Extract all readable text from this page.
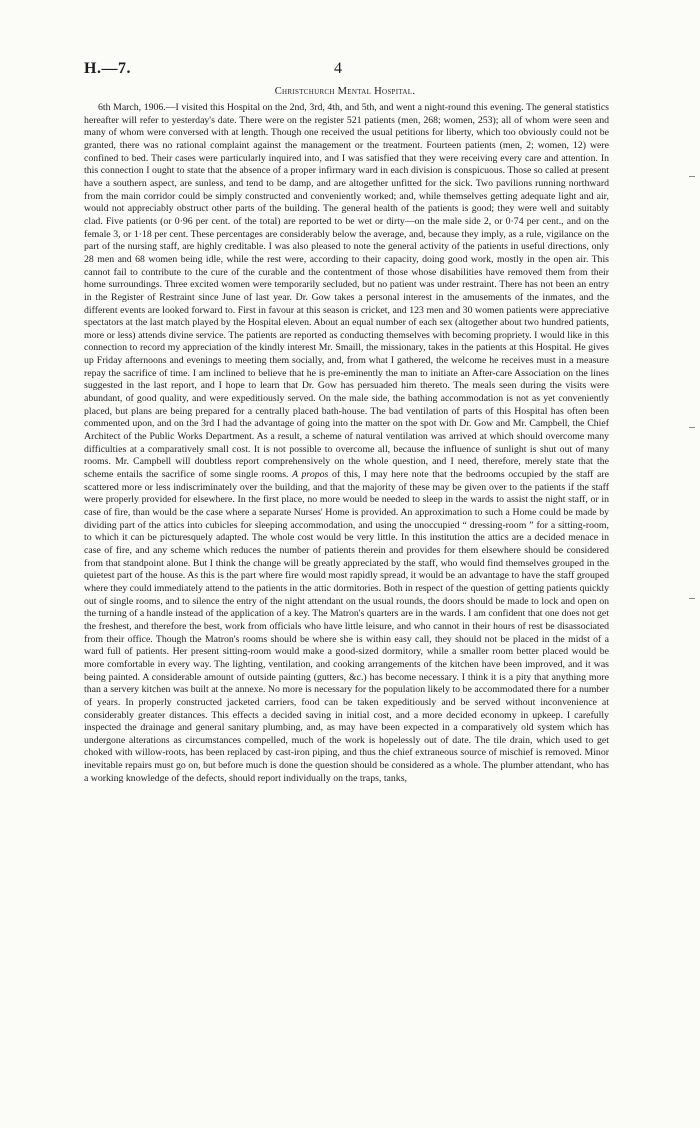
H.—7.	4
Christchurch Mental Hospital.

6th March, 1906.—I visited this Hospital on the 2nd, 3rd, 4th, and 5th, and went a night-round this evening. The general statistics hereafter will refer to yesterday's date. There were on the register 521 patients (men, 268; women, 253); all of whom were seen and many of whom were conversed with at length. Though one received the usual petitions for liberty, which too obviously could not be granted, there was no rational complaint against the management or the treatment. Fourteen patients (men, 2; women, 12) were confined to bed. Their cases were particularly inquired into, and I was satisfied that they were receiving every care and attention. In this connection I ought to state that the absence of a proper infirmary ward in each division is conspicuous. Those so called at present have a southern aspect, are sunless, and tend to be damp, and are altogether unfitted for the sick. Two pavilions running northward from the main corridor could be simply constructed and conveniently worked; and, while themselves getting adequate light and air, would not appreciably obstruct other parts of the building. The general health of the patients is good; they were well and suitably clad. Five patients (or 0·96 per cent. of the total) are reported to be wet or dirty—on the male side 2, or 0·74 per cent., and on the female 3, or 1·18 per cent. These percentages are considerably below the average, and, because they imply, as a rule, vigilance on the part of the nursing staff, are highly creditable. I was also pleased to note the general activity of the patients in useful directions, only 28 men and 68 women being idle, while the rest were, according to their capacity, doing good work, mostly in the open air. This cannot fail to contribute to the cure of the curable and the contentment of those whose disabilities have removed them from their home surroundings. Three excited women were temporarily secluded, but no patient was under restraint. There has not been an entry in the Register of Restraint since June of last year. Dr. Gow takes a personal interest in the amusements of the inmates, and the different events are looked forward to. First in favour at this season is cricket, and 123 men and 30 women patients were appreciative spectators at the last match played by the Hospital eleven. About an equal number of each sex (altogether about two hundred patients, more or less) attends divine service. The patients are reported as conducting themselves with becoming propriety. I would like in this connection to record my appreciation of the kindly interest Mr. Smaill, the missionary, takes in the patients at this Hospital. He gives up Friday afternoons and evenings to meeting them socially, and, from what I gathered, the welcome he receives must in a measure repay the sacrifice of time. I am inclined to believe that he is pre-eminently the man to initiate an After-care Association on the lines suggested in the last report, and I hope to learn that Dr. Gow has persuaded him thereto. The meals seen during the visits were abundant, of good quality, and were expeditiously served. On the male side, the bathing accommodation is not as yet conveniently placed, but plans are being prepared for a centrally placed bath-house. The bad ventilation of parts of this Hospital has often been commented upon, and on the 3rd I had the advantage of going into the matter on the spot with Dr. Gow and Mr. Campbell, the Chief Architect of the Public Works Department. As a result, a scheme of natural ventilation was arrived at which should overcome many difficulties at a comparatively small cost. It is not possible to overcome all, because the influence of sunlight is shut out of many rooms. Mr. Campbell will doubtless report comprehensively on the whole question, and I need, therefore, merely state that the scheme entails the sacrifice of some single rooms. A propos of this, I may here note that the bedrooms occupied by the staff are scattered more or less indiscriminately over the building, and that the majority of these may be given over to the patients if the staff were properly provided for elsewhere. In the first place, no more would be needed to sleep in the wards to assist the night staff, or in case of fire, than would be the case where a separate Nurses' Home is provided. An approximation to such a Home could be made by dividing part of the attics into cubicles for sleeping accommodation, and using the unoccupied “ dressing-room ” for a sitting-room, to which it can be picturesquely adapted. The whole cost would be very little. In this institution the attics are a decided menace in case of fire, and any scheme which reduces the number of patients therein and provides for them elsewhere should be considered from that standpoint alone. But I think the change will be greatly appreciated by the staff, who would find themselves grouped in the quietest part of the house. As this is the part where fire would most rapidly spread, it would be an advantage to have the staff grouped where they could immediately attend to the patients in the attic dormitories. Both in respect of the question of getting patients quickly out of single rooms, and to silence the entry of the night attendant on the usual rounds, the doors should be made to lock and open on the turning of a handle instead of the application of a key. The Matron's quarters are in the wards. I am confident that one does not get the freshest, and therefore the best, work from officials who have little leisure, and who cannot in their hours of rest be disassociated from their office. Though the Matron's rooms should be where she is within easy call, they should not be placed in the midst of a ward full of patients. Her present sitting-room would make a good-sized dormitory, while a smaller room better placed would be more comfortable in every way. The lighting, ventilation, and cooking arrangements of the kitchen have been improved, and it was being painted. A considerable amount of outside painting (gutters, &c.) has become necessary. I think it is a pity that anything more than a servery kitchen was built at the annexe. No more is necessary for the population likely to be accommodated there for a number of years. In properly constructed jacketed carriers, food can be taken expeditiously and be served without inconvenience at considerably greater distances. This effects a decided saving in initial cost, and a more decided economy in upkeep. I carefully inspected the drainage and general sanitary plumbing, and, as may have been expected in a comparatively old system which has undergone alterations as circumstances compelled, much of the work is hopelessly out of date. The tile drain, which used to get choked with willow-roots, has been replaced by cast-iron piping, and thus the chief extraneous source of mischief is removed. Minor inevitable repairs must go on, but before much is done the question should be considered as a whole. The plumber attendant, who has a working knowledge of the defects, should report individually on the traps, tanks,
